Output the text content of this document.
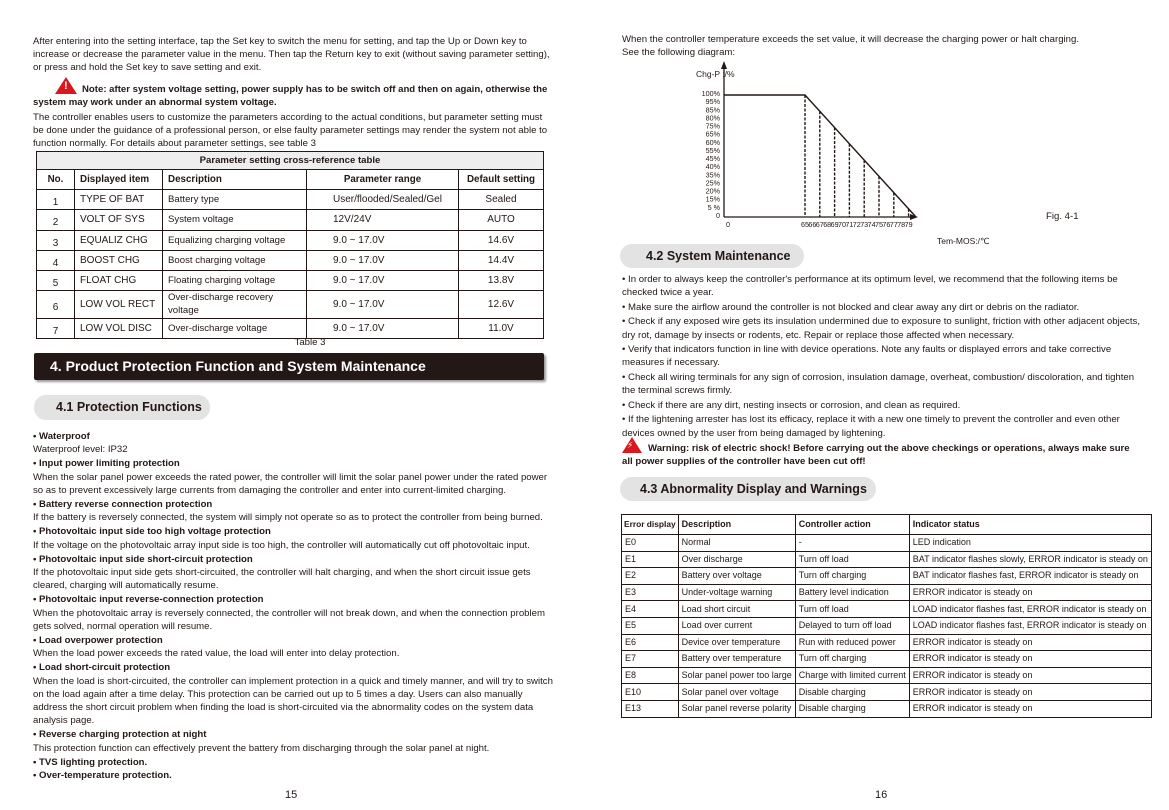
After entering into the setting interface, tap the Set key to switch the menu for setting, and tap the Up or Down key to increase or decrease the parameter value in the menu. Then tap the Return key to exit (without saving parameter setting), or press and hold the Set key to save setting and exit.

!Note: after system voltage setting, power supply has to be switch off and then on again, otherwise the system may work under an abnormal system voltage.

The controller enables users to customize the parameters according to the actual conditions, but parameter setting must be done under the guidance of a professional person, or else faulty parameter settings may render the system not able to function normally. For details about parameter settings, see table 3

Parameter setting cross-reference table				
No.	Displayed item	Description	Parameter range	Default setting
1	TYPE OF BAT	Battery type	User/flooded/Sealed/Gel	Sealed
2	VOLT OF SYS	System voltage	12V/24V	AUTO
3	EQUALIZ CHG	Equalizing charging voltage	9.0 ~ 17.0V	14.6V
4	BOOST CHG	Boost charging voltage	9.0 ~ 17.0V	14.4V
5	FLOAT CHG	Floating charging voltage	9.0 ~ 17.0V	13.8V
6	LOW VOL RECT	Over-discharge recovery voltage	9.0 ~ 17.0V	12.6V
7	LOW VOL DISC	Over-discharge voltage	9.0 ~ 17.0V	11.0V

Table 3

4. Product Protection Function and System Maintenance
4.1 Protection Functions

• Waterproof

Waterproof level: IP32

• Input power limiting protection

When the solar panel power exceeds the rated power, the controller will limit the solar panel power under the rated power so as to prevent excessively large currents from damaging the controller and enter into current-limited charging.

• Battery reverse connection protection

If the battery is reversely connected, the system will simply not operate so as to protect the controller from being burned.

• Photovoltaic input side too high voltage protection

If the voltage on the photovoltaic array input side is too high, the controller will automatically cut off photovoltaic input.

• Photovoltaic input side short-circuit protection

If the photovoltaic input side gets short-circuited, the controller will halt charging, and when the short circuit issue gets cleared, charging will automatically resume.

• Photovoltaic input reverse-connection protection

When the photovoltaic array is reversely connected, the controller will not break down, and when the connection problem gets solved, normal operation will resume.

• Load overpower protection

When the load power exceeds the rated value, the load will enter into delay protection.

• Load short-circuit protection

When the load is short-circuited, the controller can implement protection in a quick and timely manner, and will try to switch on the load again after a time delay. This protection can be carried out up to 5 times a day. Users can also manually address the short circuit problem when finding the load is short-circuited via the abnormality codes on the system data analysis page.

• Reverse charging protection at night

This protection function can effectively prevent the battery from discharging through the solar panel at night.

• TVS lighting protection.

• Over-temperature protection.

15

When the controller temperature exceeds the set value, it will decrease the charging power or halt charging.

See the following diagram:

0
5 %
15%
20%
25%
35%
40%
45%
55%
60%
65%
75%
80%
85%
95%
100%
0	65 66 67 68 69 70 71 72 73 74 75 76 77 78 79
Chg-P :/%
Tem-MOS:/℃
Fig. 4-1
4.2 System Maintenance

• In order to always keep the controller's performance at its optimum level, we recommend that the following items be checked twice a year.

• Make sure the airflow around the controller is not blocked and clear away any dirt or debris on the radiator.

• Check if any exposed wire gets its insulation undermined due to exposure to sunlight, friction with other adjacent objects, dry rot, damage by insects or rodents, etc. Repair or replace those affected when necessary.

• Verify that indicators function in line with device operations. Note any faults or displayed errors and take corrective measures if necessary.

• Check all wiring terminals for any sign of corrosion, insulation damage, overheat, combustion/ discoloration, and tighten the terminal screws firmly.

• Check if there are any dirt, nesting insects or corrosion, and clean as required.

• If the lightening arrester has lost its efficacy, replace it with a new one timely to prevent the controller and even other devices owned by the user from being damaged by lightening.

⚡Warning: risk of electric shock! Before carrying out the above checkings or operations, always make sure all power supplies of the controller have been cut off!

4.3 Abnormality Display and Warnings
Error display	Description	Controller action	Indicator status
E0	Normal	-	LED indication
E1	Over discharge	Turn off load	BAT indicator flashes slowly, ERROR indicator is steady on
E2	Battery over voltage	Turn off charging	BAT indicator flashes fast, ERROR indicator is steady on
E3	Under-voltage warning	Battery level indication	ERROR indicator is steady on
E4	Load short circuit	Turn off load	LOAD indicator flashes fast, ERROR indicator is steady on
E5	Load over current	Delayed to turn off load	LOAD indicator flashes fast, ERROR indicator is steady on
E6	Device over temperature	Run with reduced power	ERROR indicator is steady on
E7	Battery over temperature	Turn off charging	ERROR indicator is steady on
E8	Solar panel power too large	Charge with limited current	ERROR indicator is steady on
E10	Solar panel over voltage	Disable charging	ERROR indicator is steady on
E13	Solar panel reverse polarity	Disable charging	ERROR indicator is steady on
16
